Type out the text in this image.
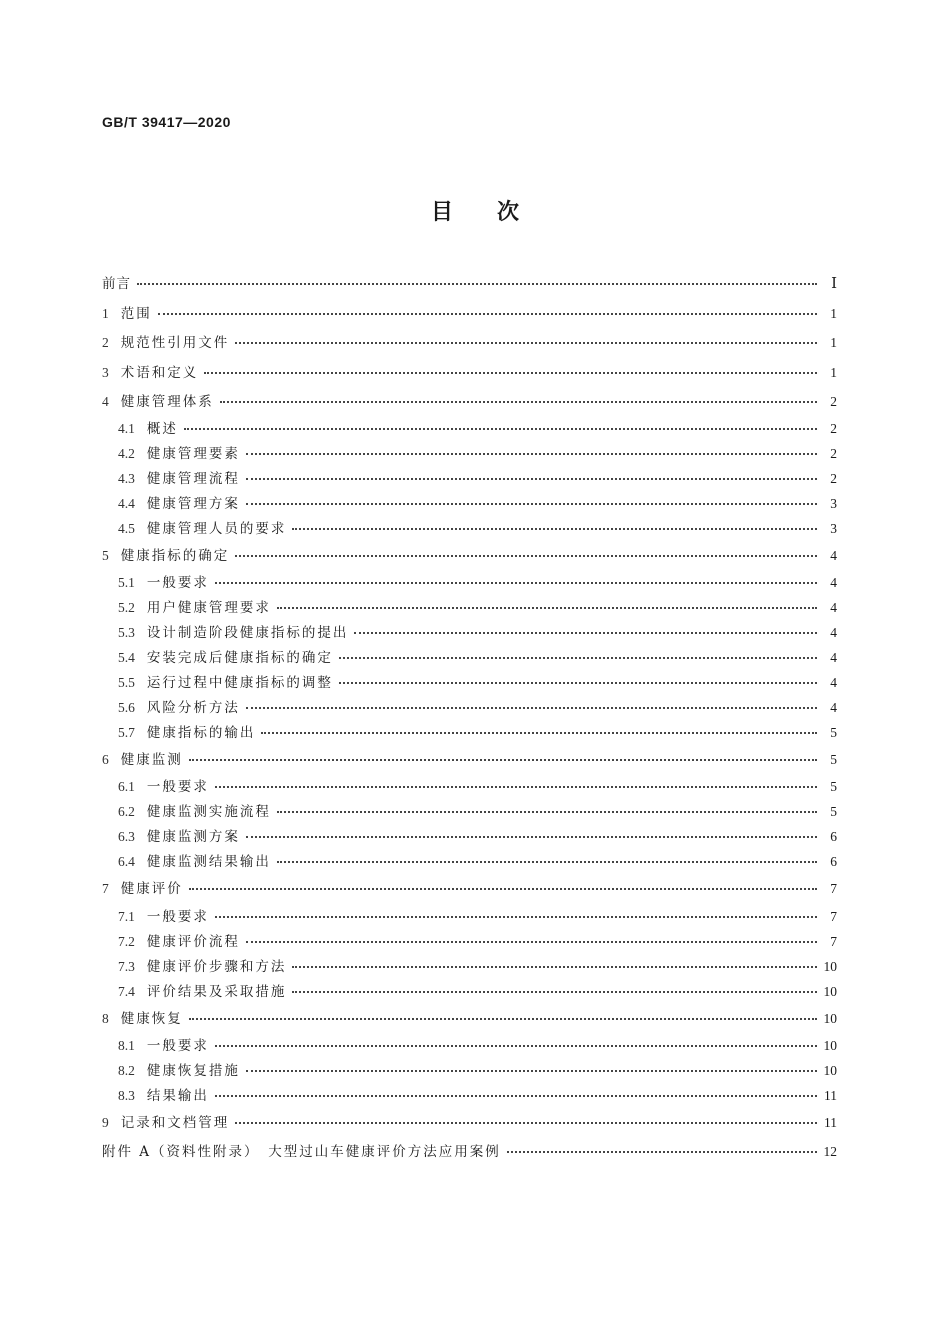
GB/T 39417—2020
目次
前言	Ⅰ
1 范围	1
2 规范性引用文件	1
3 术语和定义	1
4 健康管理体系	2
4.1 概述	2
4.2 健康管理要素	2
4.3 健康管理流程	2
4.4 健康管理方案	3
4.5 健康管理人员的要求	3
5 健康指标的确定	4
5.1 一般要求	4
5.2 用户健康管理要求	4
5.3 设计制造阶段健康指标的提出	4
5.4 安装完成后健康指标的确定	4
5.5 运行过程中健康指标的调整	4
5.6 风险分析方法	4
5.7 健康指标的输出	5
6 健康监测	5
6.1 一般要求	5
6.2 健康监测实施流程	5
6.3 健康监测方案	6
6.4 健康监测结果输出	6
7 健康评价	7
7.1 一般要求	7
7.2 健康评价流程	7
7.3 健康评价步骤和方法	10
7.4 评价结果及采取措施	10
8 健康恢复	10
8.1 一般要求	10
8.2 健康恢复措施	10
8.3 结果输出	11
9 记录和文档管理	11
附件 A（资料性附录）　大型过山车健康评价方法应用案例	12
